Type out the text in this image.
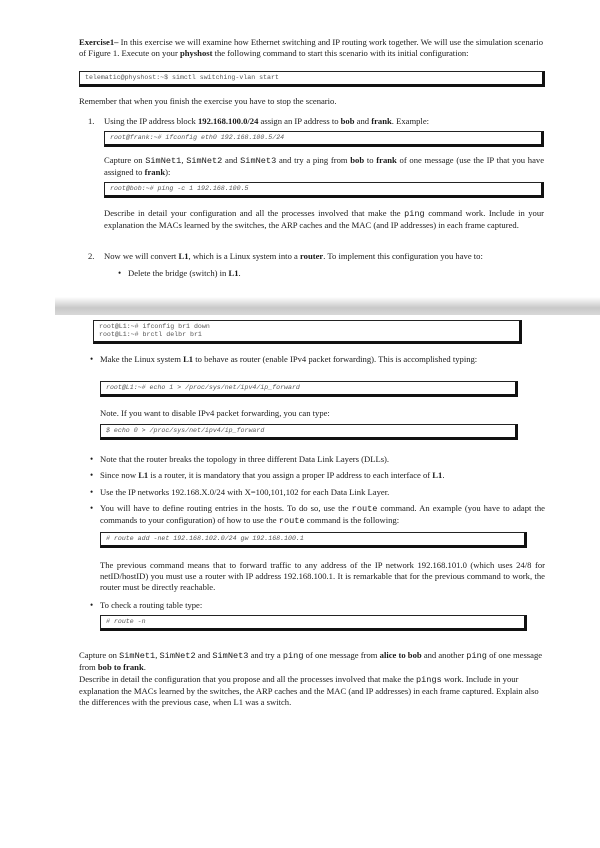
Exercise1– In this exercise we will examine how Ethernet switching and IP routing work together. We will use the simulation scenario of Figure 1. Execute on your physhost the following command to start this scenario with its initial configuration:

telematic@physhost:~$ simctl switching-vlan start

Remember that when you finish the exercise you have to stop the scenario.

1. Using the IP address block 192.168.100.0/24 assign an IP address to bob and frank. Example:

root@frank:~# ifconfig eth0 192.168.100.5/24

Capture on SimNet1, SimNet2 and SimNet3 and try a ping from bob to frank of one message (use the IP that you have assigned to frank):

root@bob:~# ping -c 1 192.168.100.5

Describe in detail your configuration and all the processes involved that make the ping command work. Include in your explanation the MACs learned by the switches, the ARP caches and the MAC (and IP addresses) in each frame captured.

2. Now we will convert L1, which is a Linux system into a router. To implement this configuration you have to:

• Delete the bridge (switch) in L1.

root@L1:~# ifconfig br1 down
root@L1:~# brctl delbr br1
• Make the Linux system L1 to behave as router (enable IPv4 packet forwarding). This is accomplished typing:

root@L1:~# echo 1 > /proc/sys/net/ipv4/ip_forward

Note. If you want to disable IPv4 packet forwarding, you can type:

$ echo 0 > /proc/sys/net/ipv4/ip_forward
• Note that the router breaks the topology in three different Data Link Layers (DLLs).

• Since now L1 is a router, it is mandatory that you assign a proper IP address to each interface of L1.

• Use the IP networks 192.168.X.0/24 with X=100,101,102 for each Data Link Layer.

• You will have to define routing entries in the hosts. To do so, use the route command. An example (you have to adapt the commands to your configuration) of how to use the route command is the following:

# route add -net 192.168.102.0/24 gw 192.168.100.1

The previous command means that to forward traffic to any address of the IP network 192.168.101.0 (which uses 24/8 for netID/hostID) you must use a router with IP address 192.168.100.1. It is remarkable that for the previous command to work, the router must be directly reachable.

• To check a routing table type:

# route -n

Capture on SimNet1, SimNet2 and SimNet3 and try a ping of one message from alice to bob and another ping of one message from bob to frank.

Describe in detail the configuration that you propose and all the processes involved that make the pings work. Include in your explanation the MACs learned by the switches, the ARP caches and the MAC (and IP addresses) in each frame captured. Explain also the differences with the previous case, when L1 was a switch.
